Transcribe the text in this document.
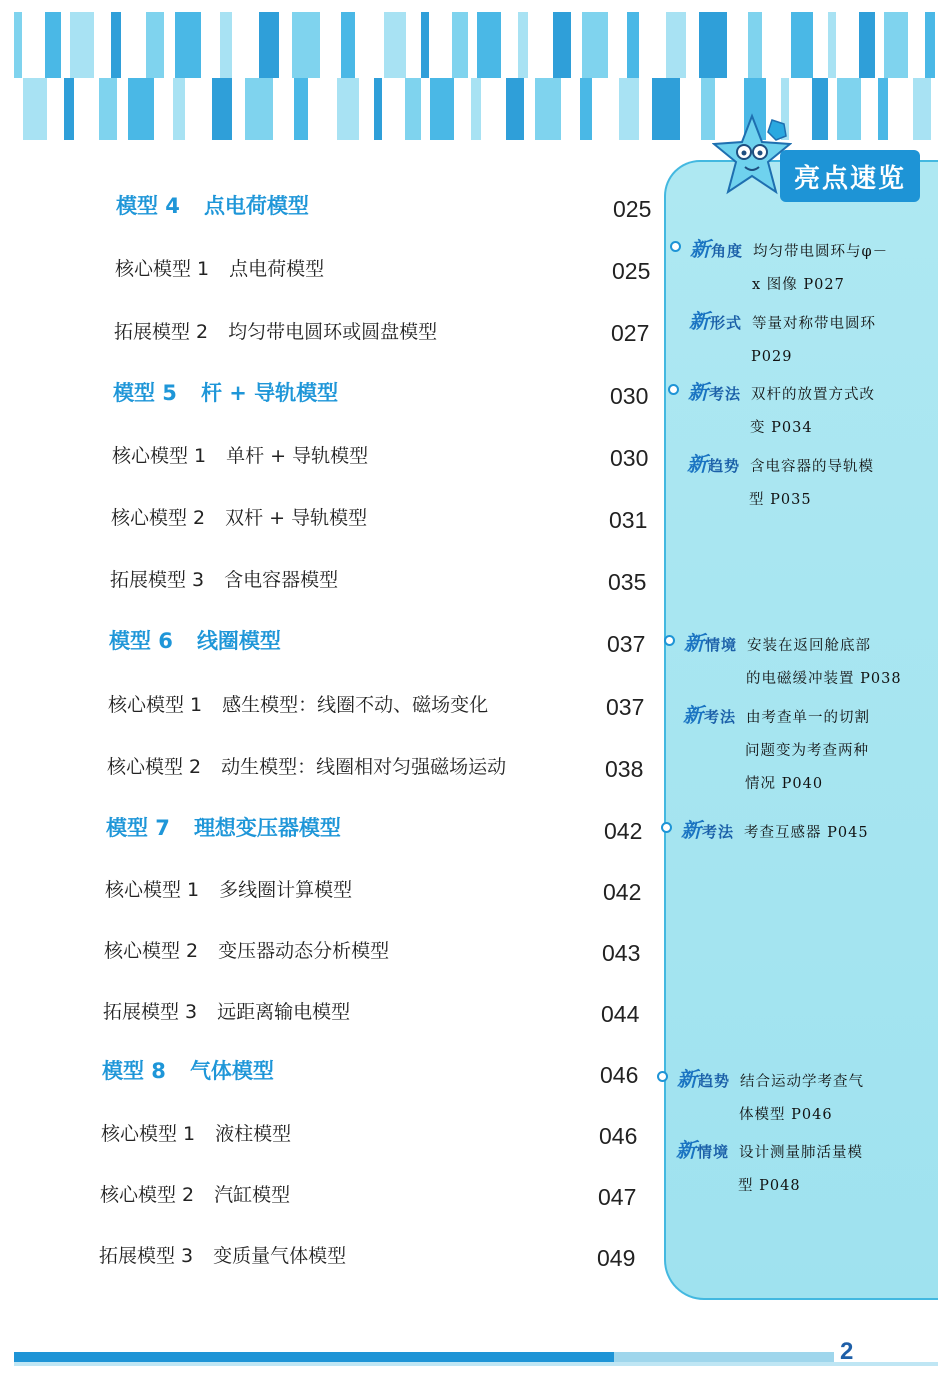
模型 4 点电荷模型	025
核心模型 1 点电荷模型	025
拓展模型 2 均匀带电圆环或圆盘模型	027
模型 5 杆 + 导轨模型	030
核心模型 1 单杆 + 导轨模型	030
核心模型 2 双杆 + 导轨模型	031
拓展模型 3 含电容器模型	035
模型 6 线圈模型	037
核心模型 1 感生模型：线圈不动、磁场变化	037
核心模型 2 动生模型：线圈相对匀强磁场运动	038
模型 7 理想变压器模型	042
核心模型 1 多线圈计算模型	042
核心模型 2 变压器动态分析模型	043
拓展模型 3 远距离输电模型	044
模型 8 气体模型	046
核心模型 1 液柱模型	046
核心模型 2 汽缸模型	047
拓展模型 3 变质量气体模型	049
亮点速览
新角度 均匀带电圆环与φ－
x 图像 P027
新形式 等量对称带电圆环
P029
新考法 双杆的放置方式改
变 P034
新趋势 含电容器的导轨模
型 P035
新情境 安装在返回舱底部
的电磁缓冲装置 P038
新考法 由考查单一的切割
问题变为考查两种
情况 P040
新考法 考查互感器 P045
新趋势 结合运动学考查气
体模型 P046
新情境 设计测量肺活量模
型 P048
2
